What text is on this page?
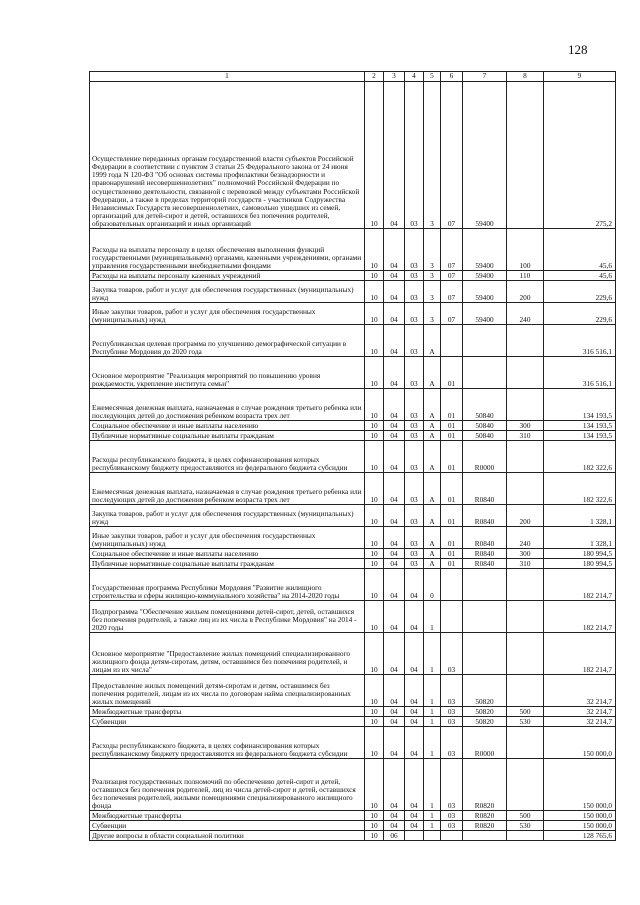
128
1	2	3	4	5	6	7	8	9
Осуществление переданных органам государственной власти субъектов Российской Федерации в соответствии с пунктом 3 статьи 25 Федерального закона от 24 июня 1999 года N 120-ФЗ "Об основах системы профилактики безнадзорности и правонарушений несовершеннолетних" полномочий Российской Федерации по осуществлению деятельности, связанной с перевозкой между субъектами Российской Федерации, а также в пределах территорий государств - участников Содружества Независимых Государств несовершеннолетних, самовольно ушедших из семей, организаций для детей-сирот и детей, оставшихся без попечения родителей, образовательных организаций и иных организаций	10	04	03	3	07	59400		275,2
Расходы на выплаты персоналу в целях обеспечения выполнения функций государственными (муниципальными) органами, казенными учреждениями, органами управления государственными внебюджетными фондами	10	04	03	3	07	59400	100	45,6
Расходы на выплаты персоналу казенных учреждений	10	04	03	3	07	59400	110	45,6
Закупка товаров, работ и услуг для обеспечения государственных (муниципальных) нужд	10	04	03	3	07	59400	200	229,6
Иные закупки товаров, работ и услуг для обеспечения государственных (муниципальных) нужд	10	04	03	3	07	59400	240	229,6
Республиканская целевая программа по улучшению демографической ситуации в Республике Мордовия до 2020 года	10	04	03	А				316 516,1
Основное мероприятие "Реализация мероприятий по повышению уровня рождаемости, укрепление института семьи"	10	04	03	А	01			316 516,1
Ежемесячная денежная выплата, назначаемая в случае рождения третьего ребенка или последующих детей до достижения ребенком возраста трех лет	10	04	03	А	01	50840		134 193,5
Социальное обеспечение и иные выплаты населению	10	04	03	А	01	50840	300	134 193,5
Публичные нормативные социальные выплаты гражданам	10	04	03	А	01	50840	310	134 193,5
Расходы республиканского бюджета, в целях софинансирования которых республиканскому бюджету предоставляются из федерального бюджета субсидии	10	04	03	А	01	R0000		182 322,6
Ежемесячная денежная выплата, назначаемая в случае рождения третьего ребенка или последующих детей до достижения ребенком возраста трех лет	10	04	03	А	01	R0840		182 322,6
Закупка товаров, работ и услуг для обеспечения государственных (муниципальных) нужд	10	04	03	А	01	R0840	200	1 328,1
Иные закупки товаров, работ и услуг для обеспечения государственных (муниципальных) нужд	10	04	03	А	01	R0840	240	1 328,1
Социальное обеспечение и иные выплаты населению	10	04	03	А	01	R0840	300	180 994,5
Публичные нормативные социальные выплаты гражданам	10	04	03	А	01	R0840	310	180 994,5
Государственная программа Республики Мордовия "Развитие жилищного строительства и сферы жилищно-коммунального хозяйства" на 2014-2020 годы	10	04	04	0				182 214,7
Подпрограмма "Обеспечение жильем помещениями детей-сирот, детей, оставшихся без попечения родителей, а также лиц из их числа в Республике Мордовия" на 2014 - 2020 годы	10	04	04	1				182 214,7
Основное мероприятие "Предоставление жилых помещений специализированного жилищного фонда детям-сиротам, детям, оставшимся без попечения родителей, и лицам из их числа"	10	04	04	1	03			182 214,7
Предоставление жилых помещений детям-сиротам и детям, оставшимся без попечения родителей, лицам из их числа по договорам найма специализированных жилых помещений	10	04	04	1	03	50820		32 214,7
Межбюджетные трансферты	10	04	04	1	03	50820	500	32 214,7
Субвенции	10	04	04	1	03	50820	530	32 214,7
Расходы республиканского бюджета, в целях софинансирования которых республиканскому бюджету предоставляются из федерального бюджета субсидии	10	04	04	1	03	R0000		150 000,0
Реализация государственных полномочий по обеспечению детей-сирот и детей, оставшихся без попечения родителей, лиц из числа детей-сирот и детей, оставшихся без попечения родителей, жилыми помещениями специализированного жилищного фонда	10	04	04	1	03	R0820		150 000,0
Межбюджетные трансферты	10	04	04	1	03	R0820	500	150 000,0
Субвенции	10	04	04	1	03	R0820	530	150 000,0
Другие вопросы в области социальной политики	10	06						128 765,6
